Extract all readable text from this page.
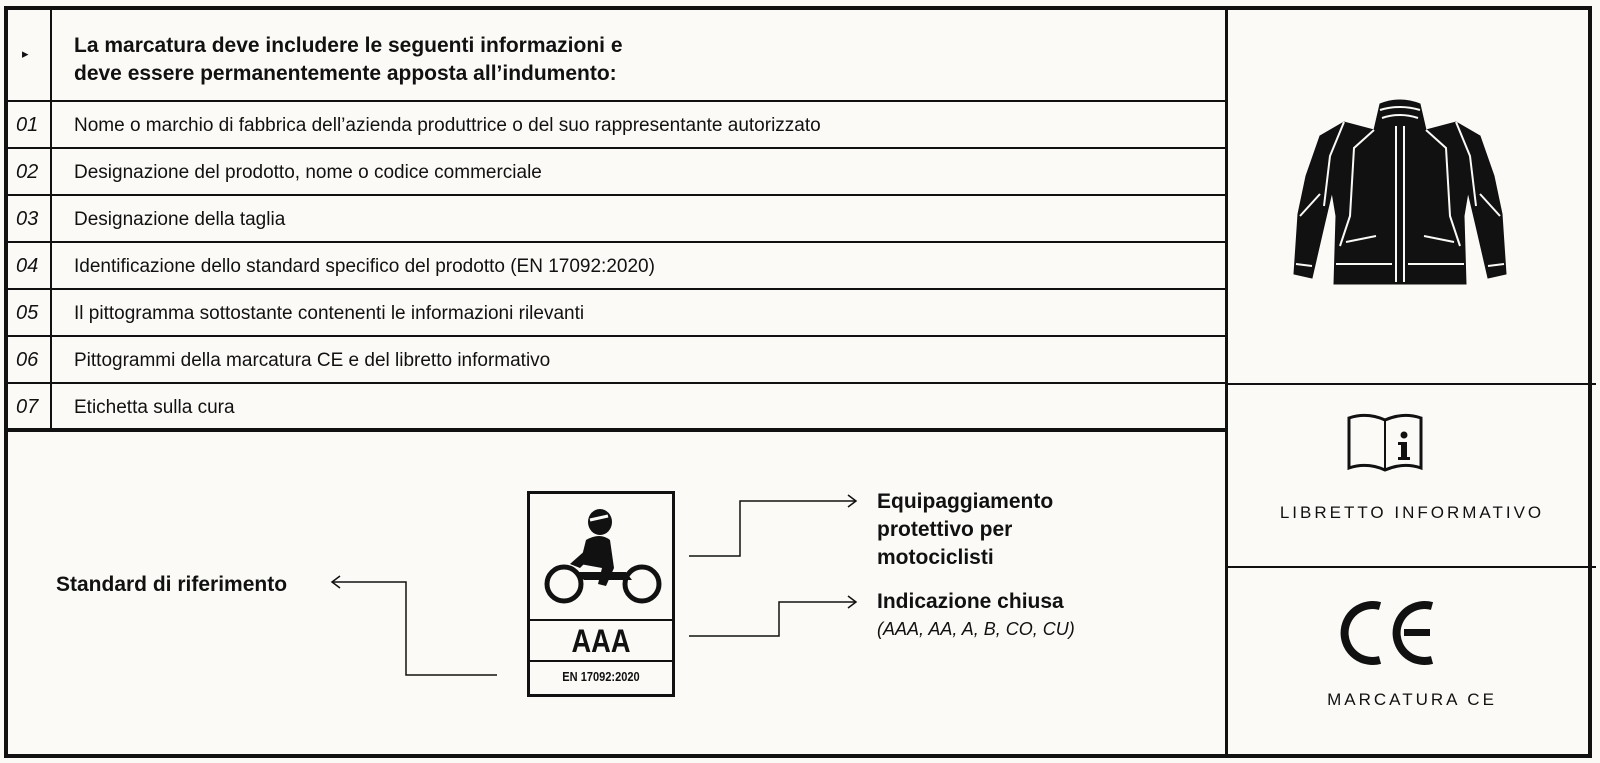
▸ La marcatura deve includere le seguenti informazioni e
deve essere permanentemente apposta all’indumento:
01 Nome o marchio di fabbrica dell’azienda produttrice o del suo rappresentante autorizzato
02 Designazione del prodotto, nome o codice commerciale
03 Designazione della taglia
04 Identificazione dello standard specifico del prodotto (EN 17092:2020)
05 Il pittogramma sottostante contenenti le informazioni rilevanti
06 Pittogrammi della marcatura CE e del libretto informativo
07 Etichetta sulla cura
LIBRETTO INFORMATIVO
MARCATURA CE
Standard di riferimento
AAA
EN 17092:2020
Equipaggiamento
protettivo per
motociclisti
Indicazione chiusa
(AAA, AA, A, B, CO, CU)
